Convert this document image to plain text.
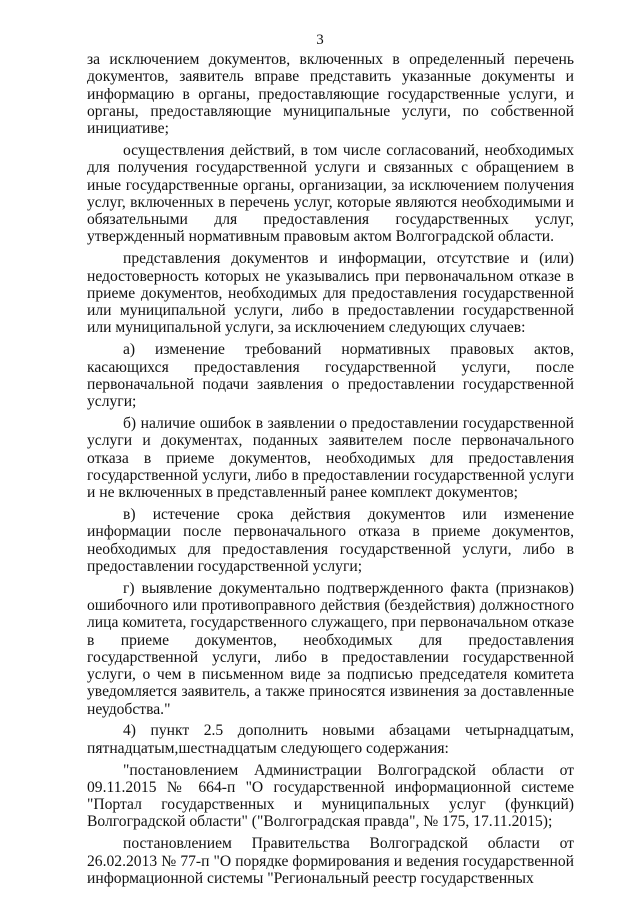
3

за исключением документов, включенных в определенный перечень документов, заявитель вправе представить указанные документы и информацию в органы, предоставляющие государственные услуги, и органы, предоставляющие муниципальные услуги, по собственной инициативе;

осуществления действий, в том числе согласований, необходимых для получения государственной услуги и связанных с обращением в иные государственные органы, организации, за исключением получения услуг, включенных в перечень услуг, которые являются необходимыми и обязательными для предоставления государственных услуг, утвержденный нормативным правовым актом Волгоградской области.

представления документов и информации, отсутствие и (или) недостоверность которых не указывались при первоначальном отказе в приеме документов, необходимых для предоставления государственной или муниципальной услуги, либо в предоставлении государственной или муниципальной услуги, за исключением следующих случаев:

а) изменение требований нормативных правовых актов, касающихся предоставления государственной услуги, после первоначальной подачи заявления о предоставлении государственной услуги;

б) наличие ошибок в заявлении о предоставлении государственной услуги и документах, поданных заявителем после первоначального отказа в приеме документов, необходимых для предоставления государственной услуги, либо в предоставлении государственной услуги и не включенных в представленный ранее комплект документов;

в) истечение срока действия документов или изменение информации после первоначального отказа в приеме документов, необходимых для предоставления государственной услуги, либо в предоставлении государственной услуги;

г) выявление документально подтвержденного факта (признаков) ошибочного или противоправного действия (бездействия) должностного лица комитета, государственного служащего, при первоначальном отказе в приеме документов, необходимых для предоставления государственной услуги, либо в предоставлении государственной услуги, о чем в письменном виде за подписью председателя комитета уведомляется заявитель, а также приносятся извинения за доставленные неудобства."

4) пункт 2.5 дополнить новыми абзацами четырнадцатым, пятнадцатым,шестнадцатым следующего содержания:

"постановлением Администрации Волгоградской области от 09.11.2015 № 664-п "О государственной информационной системе "Портал государственных и муниципальных услуг (функций) Волгоградской области" ("Волгоградская правда", № 175, 17.11.2015);

постановлением Правительства Волгоградской области от 26.02.2013 № 77-п "О порядке формирования и ведения государственной информационной системы "Региональный реестр государственных
